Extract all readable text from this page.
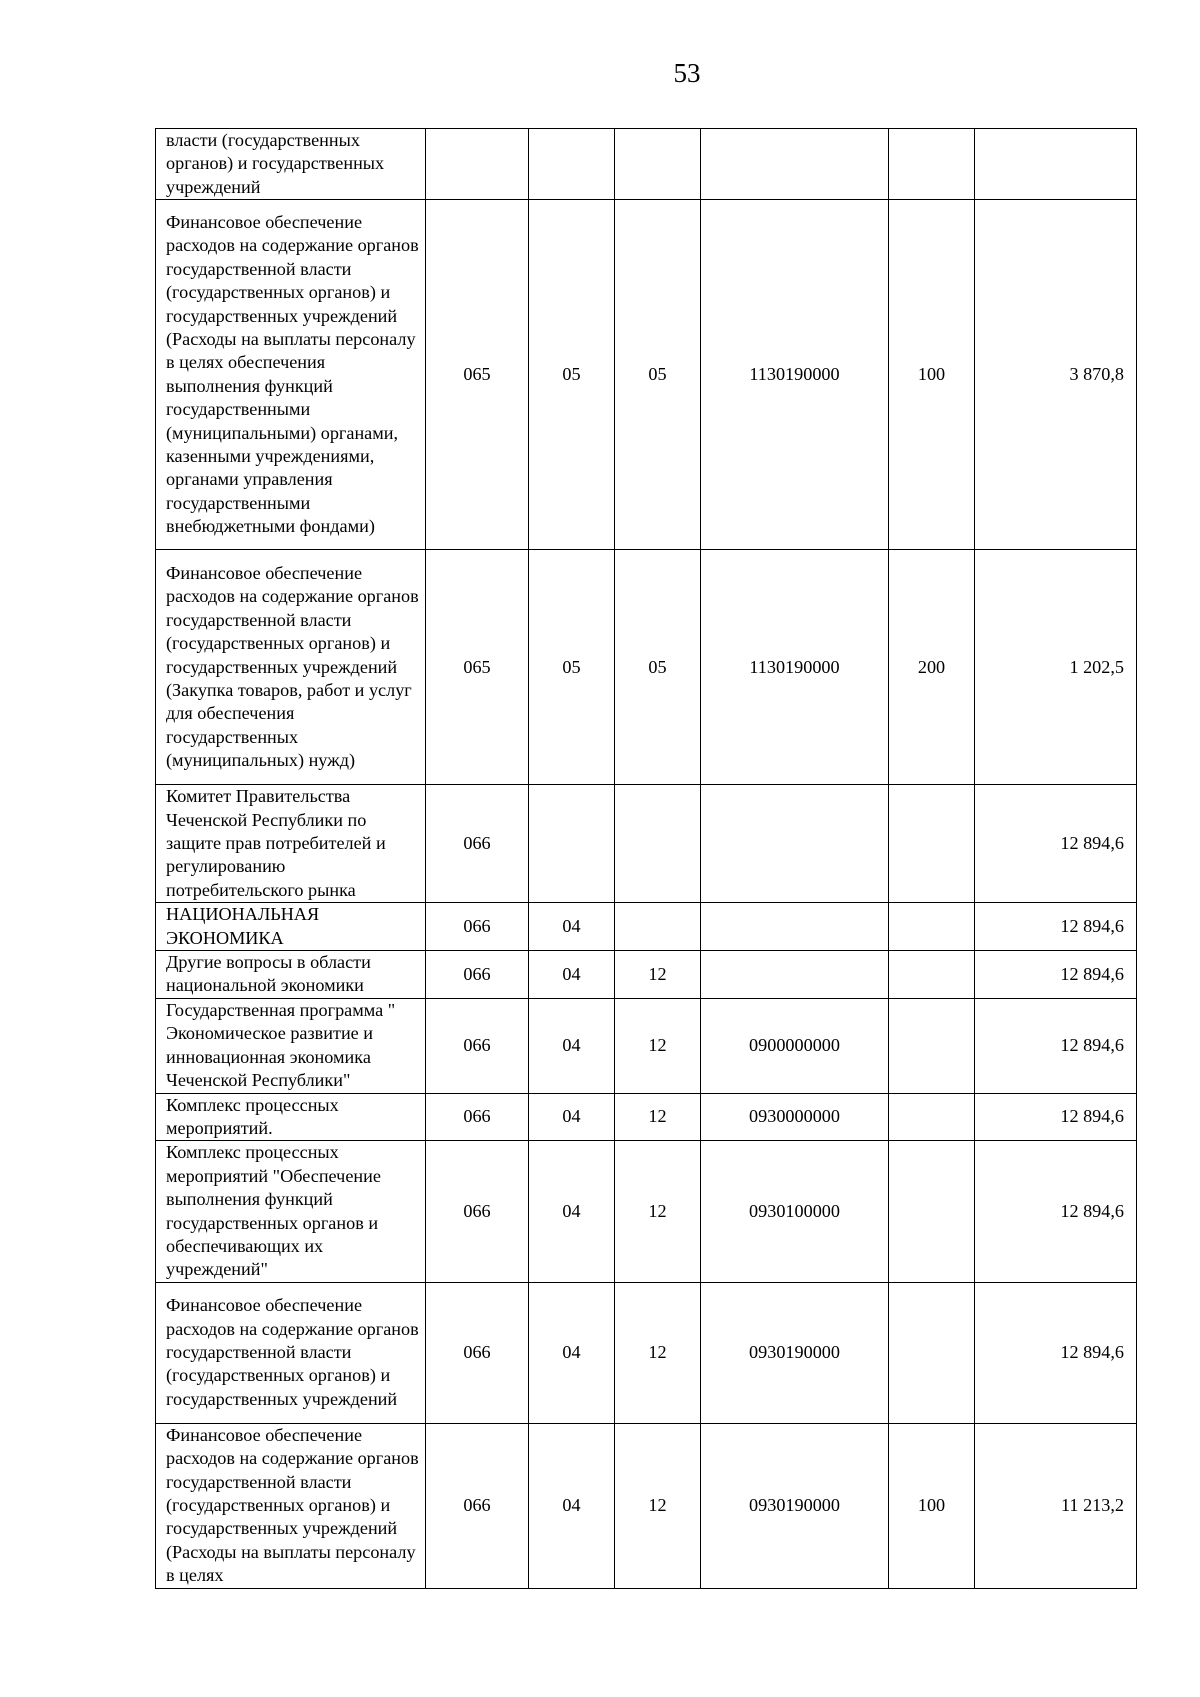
53
власти (государственных органов) и государственных учреждений						
Финансовое обеспечение расходов на содержание органов государственной власти (государственных органов) и государственных учреждений (Расходы на выплаты персоналу в целях обеспечения выполнения функций государственными (муниципальными) органами, казенными учреждениями, органами управления государственными внебюджетными фондами)	065	05	05	1130190000	100	3 870,8
Финансовое обеспечение расходов на содержание органов государственной власти (государственных органов) и государственных учреждений (Закупка товаров, работ и услуг для обеспечения государственных (муниципальных) нужд)	065	05	05	1130190000	200	1 202,5
Комитет Правительства Чеченской Республики по защите прав потребителей и регулированию потребительского рынка	066					12 894,6
НАЦИОНАЛЬНАЯ ЭКОНОМИКА	066	04				12 894,6
Другие вопросы в области национальной экономики	066	04	12			12 894,6
Государственная программа " Экономическое развитие и инновационная экономика Чеченской Республики"	066	04	12	0900000000		12 894,6
Комплекс процессных мероприятий.	066	04	12	0930000000		12 894,6
Комплекс процессных мероприятий "Обеспечение выполнения функций государственных органов и обеспечивающих их учреждений"	066	04	12	0930100000		12 894,6
Финансовое обеспечение расходов на содержание органов государственной власти (государственных органов) и государственных учреждений	066	04	12	0930190000		12 894,6
Финансовое обеспечение расходов на содержание органов государственной власти (государственных органов) и государственных учреждений (Расходы на выплаты персоналу в целях	066	04	12	0930190000	100	11 213,2
